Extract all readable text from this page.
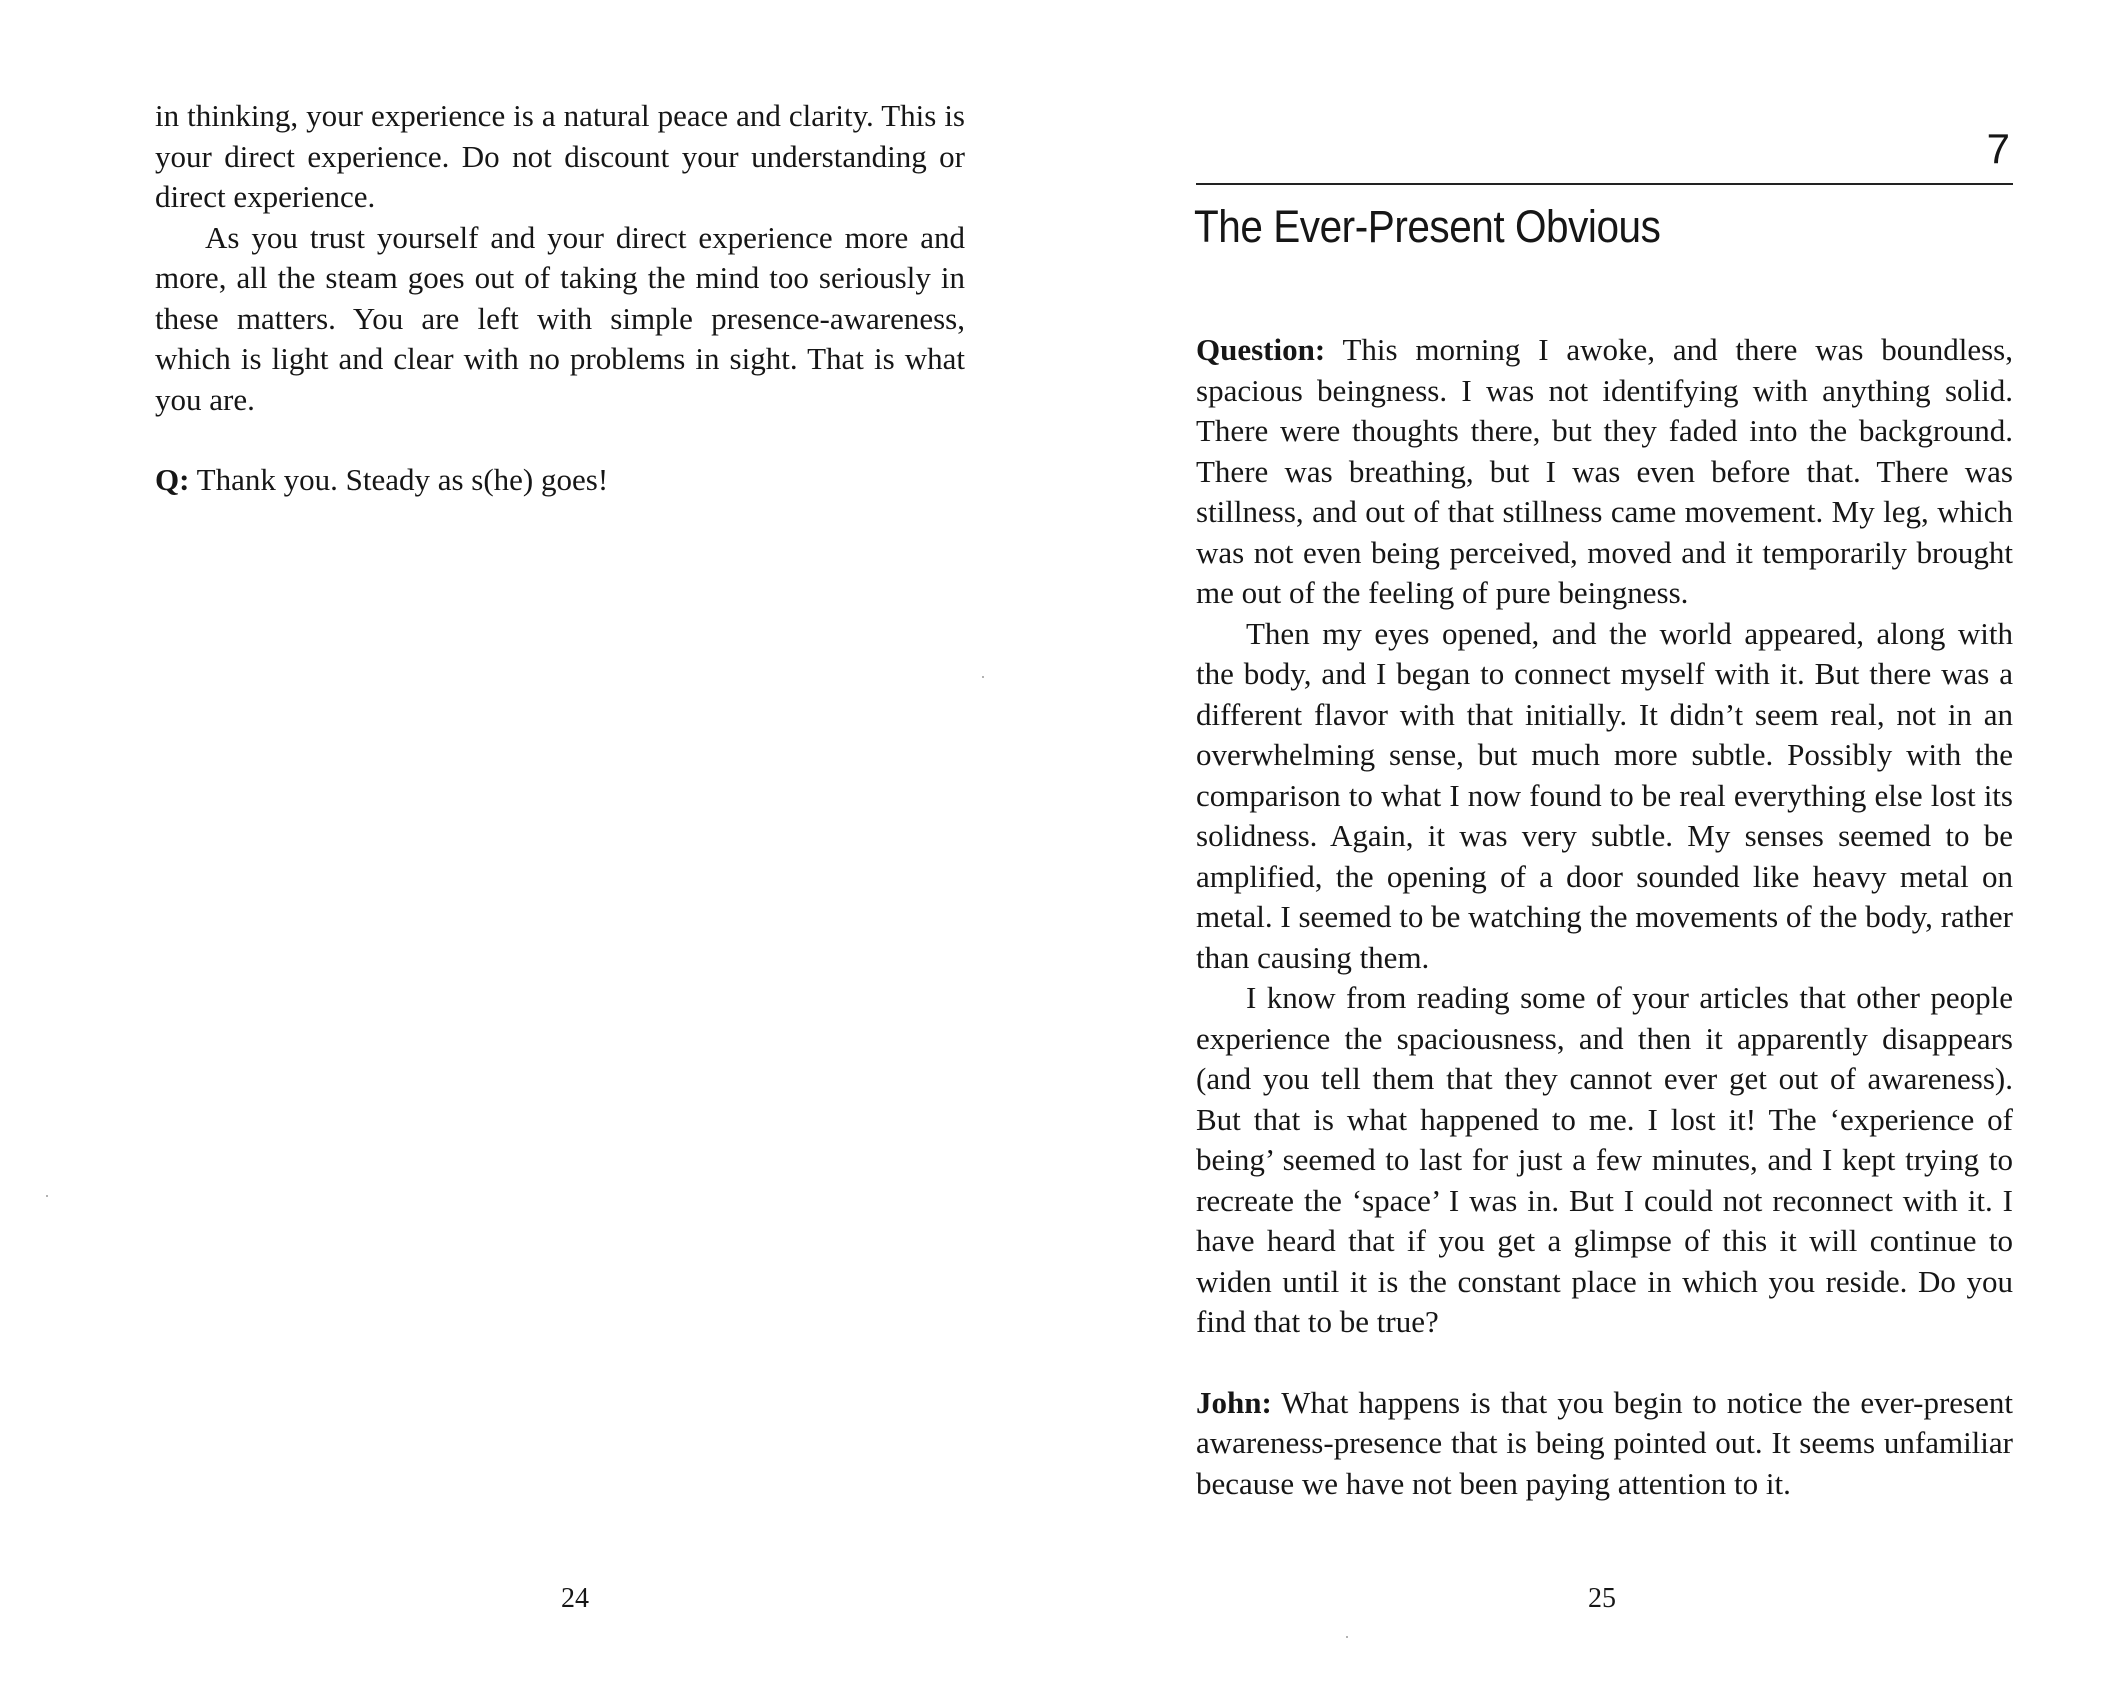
in thinking, your experience is a natural peace and clarity. This is your direct experience. Do not discount your understanding or direct experience.

As you trust yourself and your direct experience more and more, all the steam goes out of taking the mind too seriously in these matters. You are left with simple presence-awareness, which is light and clear with no problems in sight. That is what you are.

Q: Thank you. Steady as s(he) goes!

24
7
The Ever-Present Obvious

Question: This morning I awoke, and there was boundless, spacious beingness. I was not identifying with anything solid. There were thoughts there, but they faded into the background. There was breathing, but I was even before that. There was stillness, and out of that stillness came movement. My leg, which was not even being perceived, moved and it temporarily brought me out of the feeling of pure beingness.

Then my eyes opened, and the world appeared, along with the body, and I began to connect myself with it. But there was a different flavor with that initially. It didn’t seem real, not in an overwhelming sense, but much more subtle. Possibly with the comparison to what I now found to be real everything else lost its solidness. Again, it was very subtle. My senses seemed to be amplified, the opening of a door sounded like heavy metal on metal. I seemed to be watching the movements of the body, rather than causing them.

I know from reading some of your articles that other people experience the spaciousness, and then it apparently disappears (and you tell them that they cannot ever get out of awareness). But that is what happened to me. I lost it! The ‘experience of being’ seemed to last for just a few minutes, and I kept trying to recreate the ‘space’ I was in. But I could not reconnect with it. I have heard that if you get a glimpse of this it will continue to widen until it is the constant place in which you reside. Do you find that to be true?

John: What happens is that you begin to notice the ever-present awareness-presence that is being pointed out. It seems unfamiliar because we have not been paying attention to it.

25
